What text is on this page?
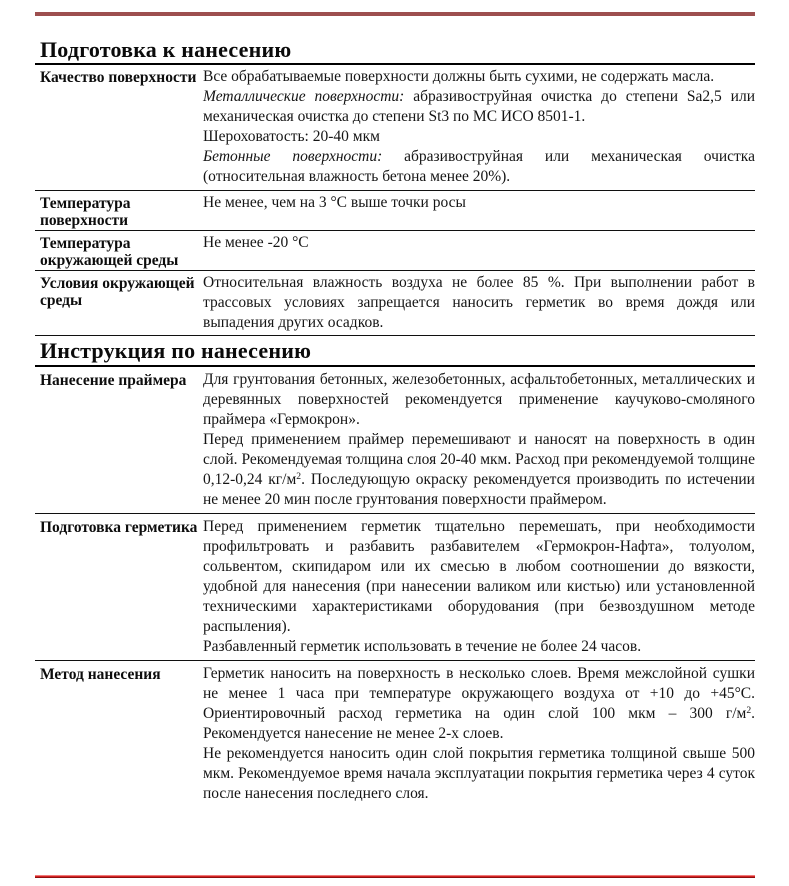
Подготовка к нанесению
Качество поверхности Все обрабатываемые поверхности должны быть сухими, не содержать масла.

Металлические поверхности: абразивоструйная очистка до степени Sa2,5 или механическая очистка до степени St3 по МС ИСО 8501-1.

Шероховатость: 20-40 мкм

Бетонные поверхности: абразивоструйная или механическая очистка (относительная влажность бетона менее 20%).

Температура поверхности

Не менее, чем на 3 °С выше точки росы

Температура окружающей среды

Не менее -20 °С

Условия окружающей среды

Относительная влажность воздуха не более 85 %. При выполнении работ в трассовых условиях запрещается наносить герметик во время дождя или выпадения других осадков.

Инструкция по нанесению
Нанесение праймера	Для грунтования бетонных, железобетонных, асфальтобетонных, металлических и деревянных поверхностей рекомендуется применение каучуково-смоляного праймера «Гермокрон».

Перед применением праймер перемешивают и наносят на поверхность в один слой. Рекомендуемая толщина слоя 20-40 мкм. Расход при рекомендуемой толщине 0,12-0,24 $кг/м^2$. Последующую окраску рекомендуется производить по истечении не менее 20 мин после грунтования поверхности праймером.

Подготовка герметика Перед применением герметик тщательно перемешать, при необходимости профильтровать и разбавить разбавителем «Гермокрон-Нафта», толуолом, сольвентом, скипидаром или их смесью в любом соотношении до вязкости, удобной для нанесения (при нанесении валиком или кистью) или установленной техническими характеристиками оборудования (при безвоздушном методе распыления).

Разбавленный герметик использовать в течение не более 24 часов.

Метод нанесения	Герметик наносить на поверхность в несколько слоев. Время межслойной сушки не менее 1 часа при температуре окружающего воздуха от +10 до +45°С. Ориентировочный расход герметика на один слой 100 мкм – 300 $г/м^2$. Рекомендуется нанесение не менее 2-х слоев.

Не рекомендуется наносить один слой покрытия герметика толщиной свыше 500 мкм. Рекомендуемое время начала эксплуатации покрытия герметика через 4 суток после нанесения последнего слоя.
